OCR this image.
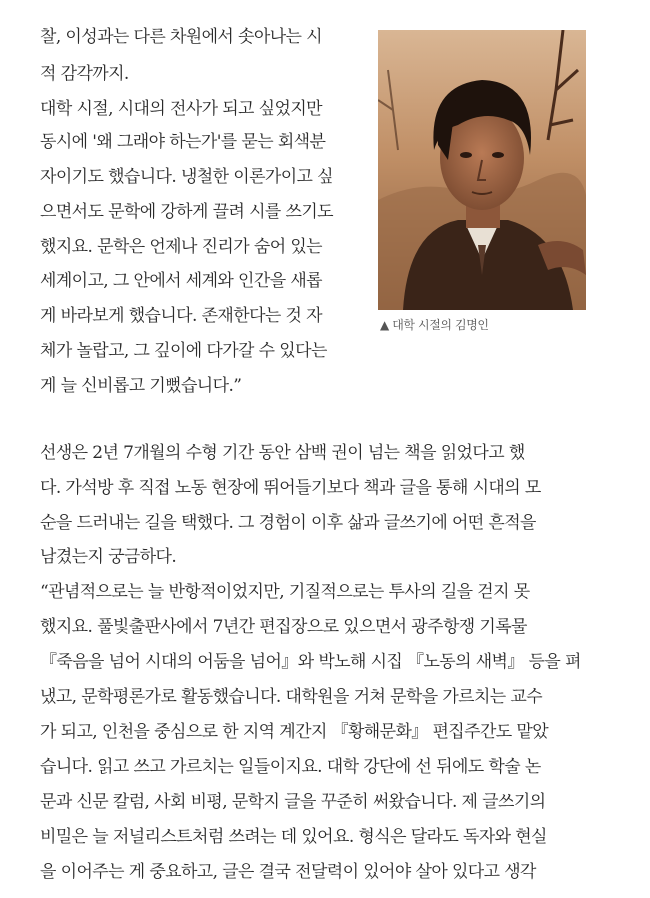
찰, 이성과는 다른 차원에서 솟아나는 시

적 감각까지.

대학 시절, 시대의 전사가 되고 싶었지만

동시에 '왜 그래야 하는가'를 묻는 회색분

자이기도 했습니다. 냉철한 이론가이고 싶

으면서도 문학에 강하게 끌려 시를 쓰기도

했지요. 문학은 언제나 진리가 숨어 있는

세계이고, 그 안에서 세계와 인간을 새롭

게 바라보게 했습니다. 존재한다는 것 자

체가 놀랍고, 그 깊이에 다가갈 수 있다는

게 늘 신비롭고 기뻤습니다.”

▲ 대학 시절의 김명인

선생은 2년 7개월의 수형 기간 동안 삼백 권이 넘는 책을 읽었다고 했

다. 가석방 후 직접 노동 현장에 뛰어들기보다 책과 글을 통해 시대의 모

순을 드러내는 길을 택했다. 그 경험이 이후 삶과 글쓰기에 어떤 흔적을

남겼는지 궁금하다.

“관념적으로는 늘 반항적이었지만, 기질적으로는 투사의 길을 걷지 못

했지요. 풀빛출판사에서 7년간 편집장으로 있으면서 광주항쟁 기록물

『죽음을 넘어 시대의 어둠을 넘어』와 박노해 시집 『노동의 새벽』 등을 펴

냈고, 문학평론가로 활동했습니다. 대학원을 거쳐 문학을 가르치는 교수

가 되고, 인천을 중심으로 한 지역 계간지 『황해문화』 편집주간도 맡았

습니다. 읽고 쓰고 가르치는 일들이지요. 대학 강단에 선 뒤에도 학술 논

문과 신문 칼럼, 사회 비평, 문학지 글을 꾸준히 써왔습니다. 제 글쓰기의

비밀은 늘 저널리스트처럼 쓰려는 데 있어요. 형식은 달라도 독자와 현실

을 이어주는 게 중요하고, 글은 결국 전달력이 있어야 살아 있다고 생각
